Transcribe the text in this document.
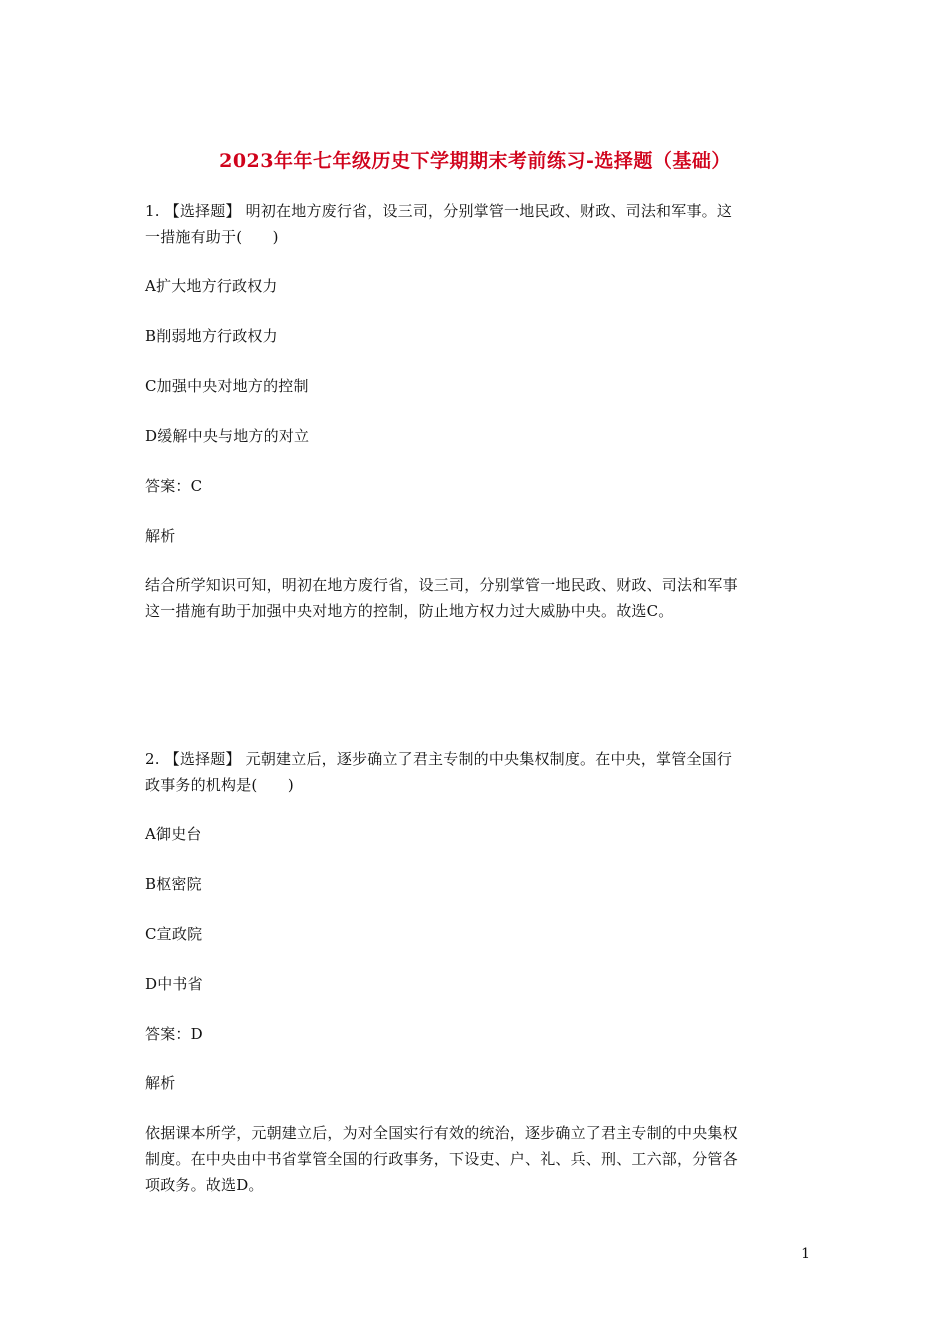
2023年年七年级历史下学期期末考前练习-选择题（基础）
1. 【选择题】 明初在地方废行省，设三司，分别掌管一地民政、财政、司法和军事。这
一措施有助于(　　)
A扩大地方行政权力
B削弱地方行政权力
C加强中央对地方的控制
D缓解中央与地方的对立
答案：C
解析
结合所学知识可知，明初在地方废行省，设三司，分别掌管一地民政、财政、司法和军事
这一措施有助于加强中央对地方的控制，防止地方权力过大威胁中央。故选C。
2. 【选择题】 元朝建立后，逐步确立了君主专制的中央集权制度。在中央，掌管全国行
政事务的机构是(　　)
A御史台
B枢密院
C宣政院
D中书省
答案：D
解析
依据课本所学，元朝建立后，为对全国实行有效的统治，逐步确立了君主专制的中央集权
制度。在中央由中书省掌管全国的行政事务，下设吏、户、礼、兵、刑、工六部，分管各
项政务。故选D。
1
